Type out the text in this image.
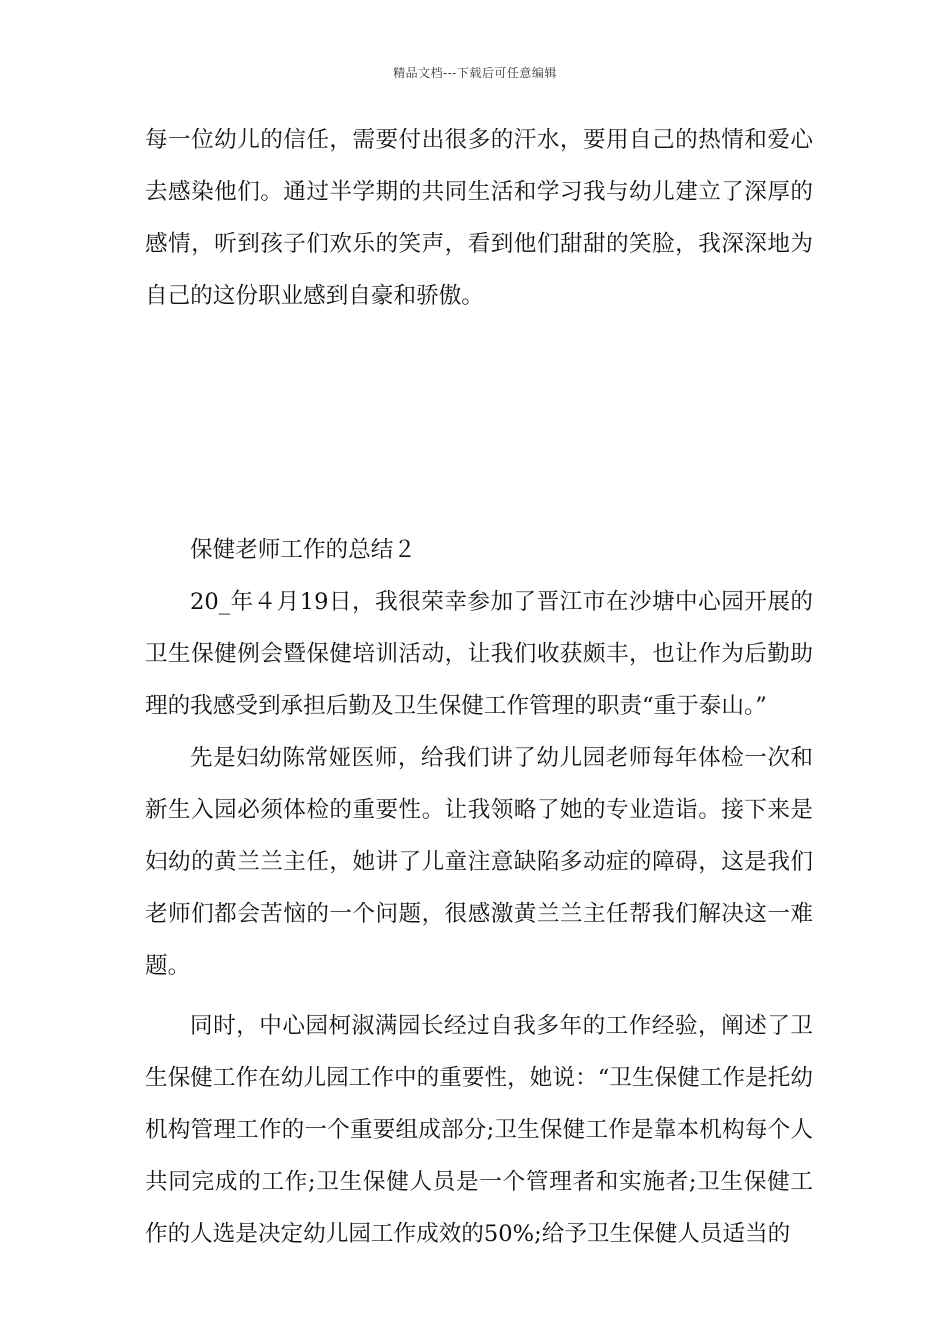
精品文档---下载后可任意编辑

每一位幼儿的信任，需要付出很多的汗水，要用自己的热情和爱心去感染他们。通过半学期的共同生活和学习我与幼儿建立了深厚的感情，听到孩子们欢乐的笑声，看到他们甜甜的笑脸，我深深地为自己的这份职业感到自豪和骄傲。

保健老师工作的总结２

20_年４月19日，我很荣幸参加了晋江市在沙塘中心园开展的卫生保健例会暨保健培训活动，让我们收获颇丰，也让作为后勤助理的我感受到承担后勤及卫生保健工作管理的职责“重于泰山。”

先是妇幼陈常娅医师，给我们讲了幼儿园老师每年体检一次和新生入园必须体检的重要性。让我领略了她的专业造诣。接下来是妇幼的黄兰兰主任，她讲了儿童注意缺陷多动症的障碍，这是我们老师们都会苦恼的一个问题，很感激黄兰兰主任帮我们解决这一难题。

同时，中心园柯淑满园长经过自我多年的工作经验，阐述了卫生保健工作在幼儿园工作中的重要性，她说：“卫生保健工作是托幼机构管理工作的一个重要组成部分;卫生保健工作是靠本机构每个人共同完成的工作;卫生保健人员是一个管理者和实施者;卫生保健工作的人选是决定幼儿园工作成效的50%;给予卫生保健人员适当的
